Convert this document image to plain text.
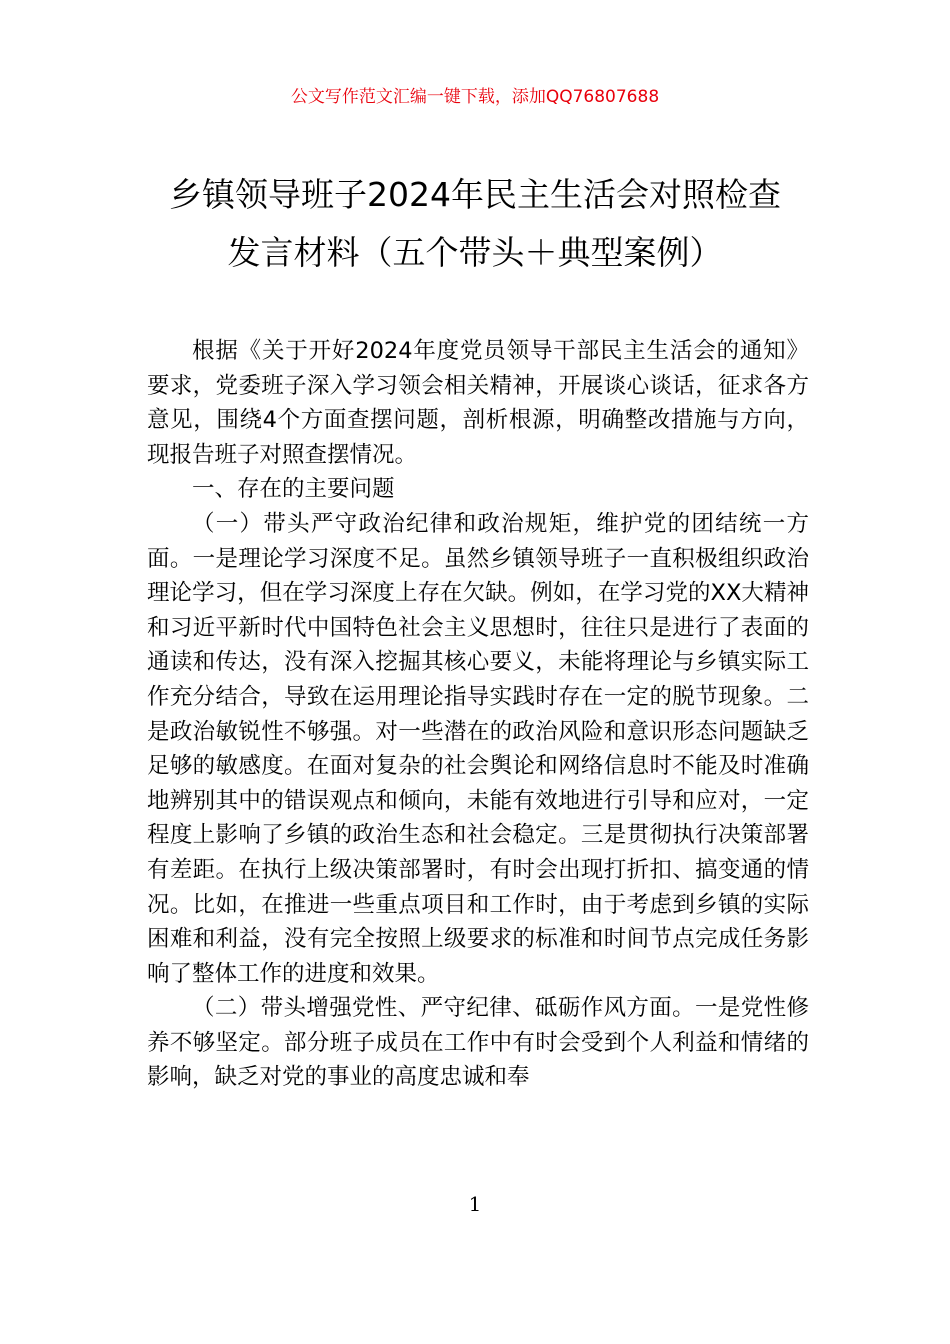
公文写作范文汇编一键下载，添加QQ76807688
乡镇领导班子2024年民主生活会对照检查
发言材料（五个带头＋典型案例）

根据《关于开好2024年度党员领导干部民主生活会的通知》要求，党委班子深入学习领会相关精神，开展谈心谈话，征求各方意见，围绕4个方面查摆问题，剖析根源，明确整改措施与方向，现报告班子对照查摆情况。

一、存在的主要问题

（一）带头严守政治纪律和政治规矩，维护党的团结统一方面。一是理论学习深度不足。虽然乡镇领导班子一直积极组织政治理论学习，但在学习深度上存在欠缺。例如，在学习党的XX大精神和习近平新时代中国特色社会主义思想时，往往只是进行了表面的通读和传达，没有深入挖掘其核心要义，未能将理论与乡镇实际工作充分结合，导致在运用理论指导实践时存在一定的脱节现象。二是政治敏锐性不够强。对一些潜在的政治风险和意识形态问题缺乏足够的敏感度。在面对复杂的社会舆论和网络信息时不能及时准确地辨别其中的错误观点和倾向，未能有效地进行引导和应对，一定程度上影响了乡镇的政治生态和社会稳定。三是贯彻执行决策部署有差距。在执行上级决策部署时，有时会出现打折扣、搞变通的情况。比如，在推进一些重点项目和工作时，由于考虑到乡镇的实际困难和利益，没有完全按照上级要求的标准和时间节点完成任务影响了整体工作的进度和效果。

（二）带头增强党性、严守纪律、砥砺作风方面。一是党性修养不够坚定。部分班子成员在工作中有时会受到个人利益和情绪的影响，缺乏对党的事业的高度忠诚和奉

1
